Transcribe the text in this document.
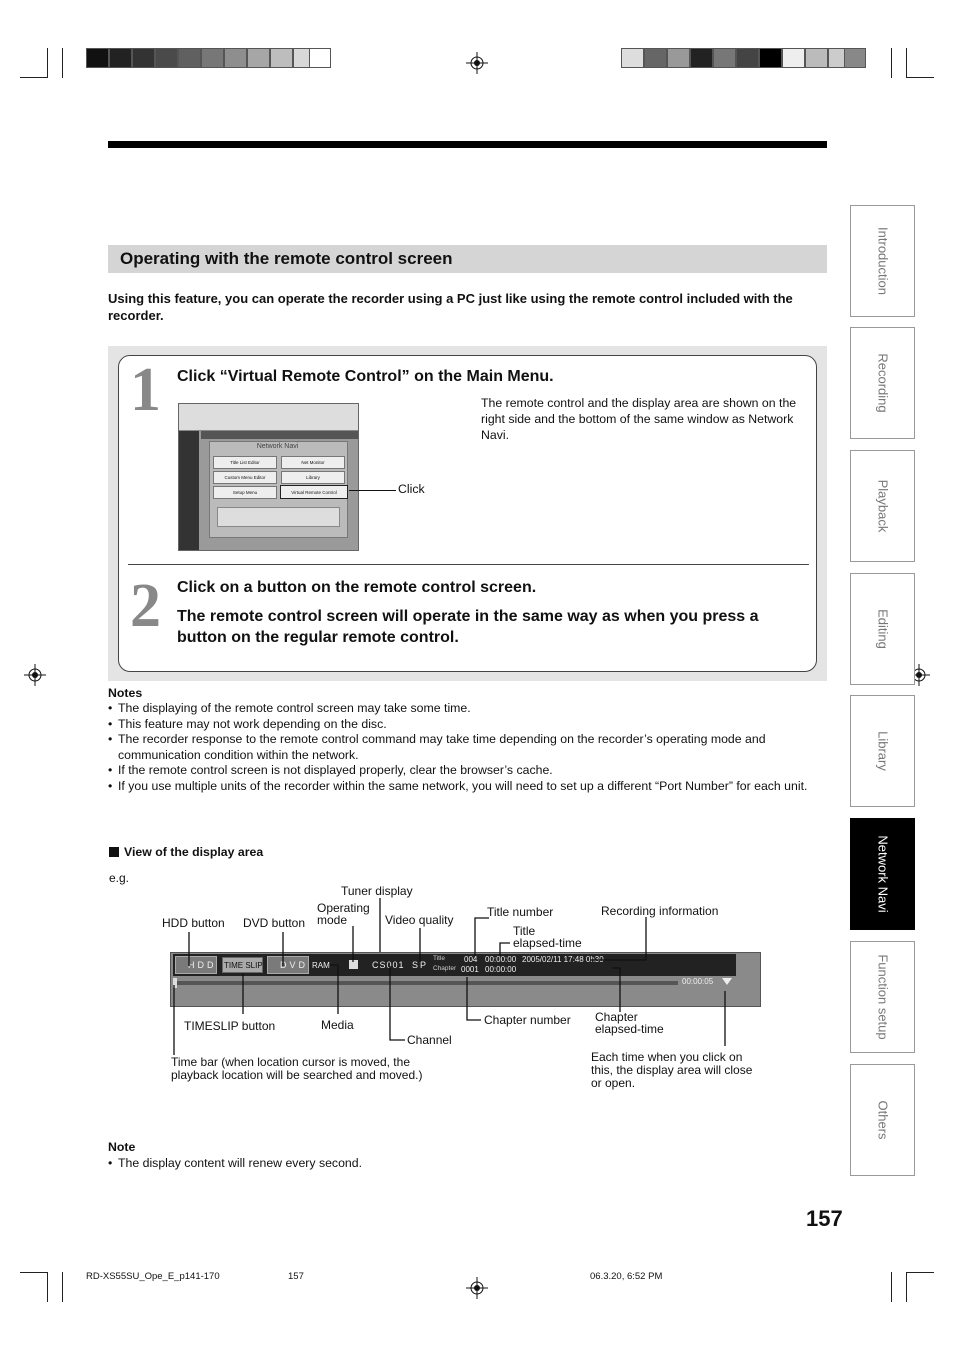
Operating with the remote control screen
Using this feature, you can operate the recorder using a PC just like using the remote control included with the recorder.
1 Click “Virtual Remote Control” on the Main Menu.
The remote control and the display area are shown on the right side and the bottom of the same window as Network Navi.
Network Navi
Title List Editor	Net Monitor
Custom Menu Editor	Library
Setup Menu	Virtual Remote Control	Click
2 Click on a button on the remote control screen.
The remote control screen will operate in the same way as when you press a button on the regular remote control.
Notes
• The displaying of the remote control screen may take some time.
• This feature may not work depending on the disc.
• The recorder response to the remote control command may take time depending on the recorder’s operating mode and communication condition within the network.
• If the remote control screen is not displayed properly, clear the browser’s cache.
• If you use multiple units of the recorder within the same network, you will need to set up a different “Port Number” for each unit.
View of the display area
e.g.
HDD TIME SLIP DVD RAM	CS001 SP
Title
Chapter
004
0001
00:00:00
00:00:00
2005/02/11 17:48 0h30
00:00:05
Tuner display
Operating
mode
HDD button DVD button	Video quality
Title number	Recording information
Title
elapsed-time
TIMESLIP button	Media
Channel
Chapter number Chapter
elapsed-time
Time bar (when location cursor is moved, the
playback location will be searched and moved.)
Each time when you click on
this, the display area will close
or open.
Note
• The display content will renew every second.
Introduction
Recording
Playback
Editing
Library
Network Navi
Function setup
Others
157
RD-XS55SU_Ope_E_p141-170	157	06.3.20, 6:52 PM
